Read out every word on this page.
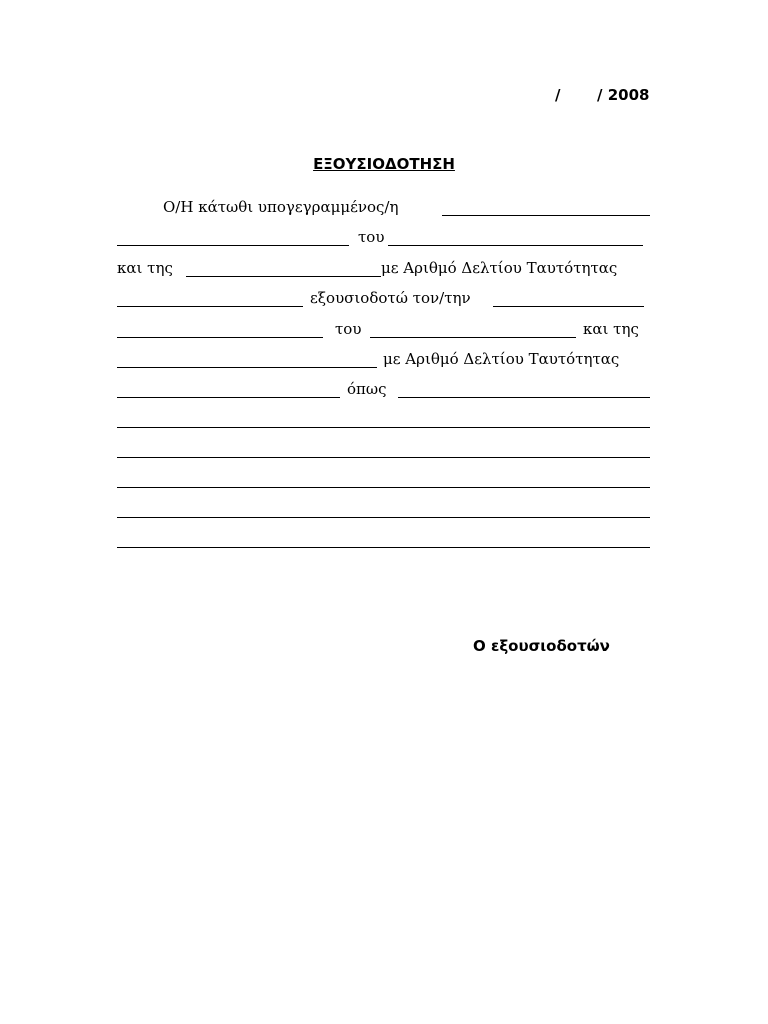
/       / 2008
ΕΞΟΥΣΙΟΔΟΤΗΣΗ
Ο/Η κάτωθι υπογεγραμμένος/η
του
και της	με Αριθμό Δελτίου Ταυτότητας
εξουσιοδοτώ τον/την
του	και της
με Αριθμό Δελτίου Ταυτότητας
όπως
Ο εξουσιοδοτών
